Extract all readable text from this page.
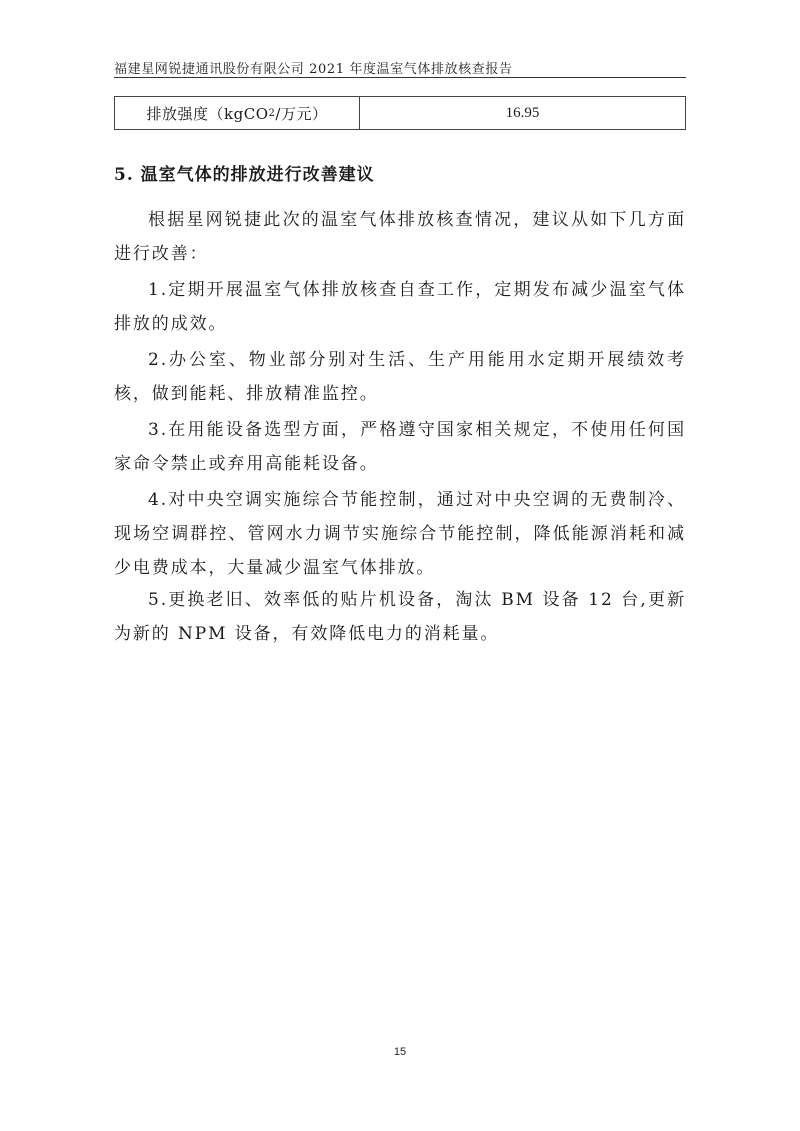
福建星网锐捷通讯股份有限公司 2021 年度温室气体排放核查报告
排放强度（kgCO 2 /万元）	16.95
5. 温室气体的排放进行改善建议

根据星网锐捷此次的温室气体排放核查情况，建议从如下几方面进行改善：

1.定期开展温室气体排放核查自查工作，定期发布减少温室气体排放的成效。

2.办公室、物业部分别对生活、生产用能用水定期开展绩效考核，做到能耗、排放精准监控。

3.在用能设备选型方面，严格遵守国家相关规定，不使用任何国家命令禁止或弃用高能耗设备。

4.对中央空调实施综合节能控制，通过对中央空调的无费制冷、现场空调群控、管网水力调节实施综合节能控制，降低能源消耗和减少电费成本，大量减少温室气体排放。

5.更换老旧、效率低的贴片机设备，淘汰 BM 设备 12 台,更新为新的 NPM 设备，有效降低电力的消耗量。

15
